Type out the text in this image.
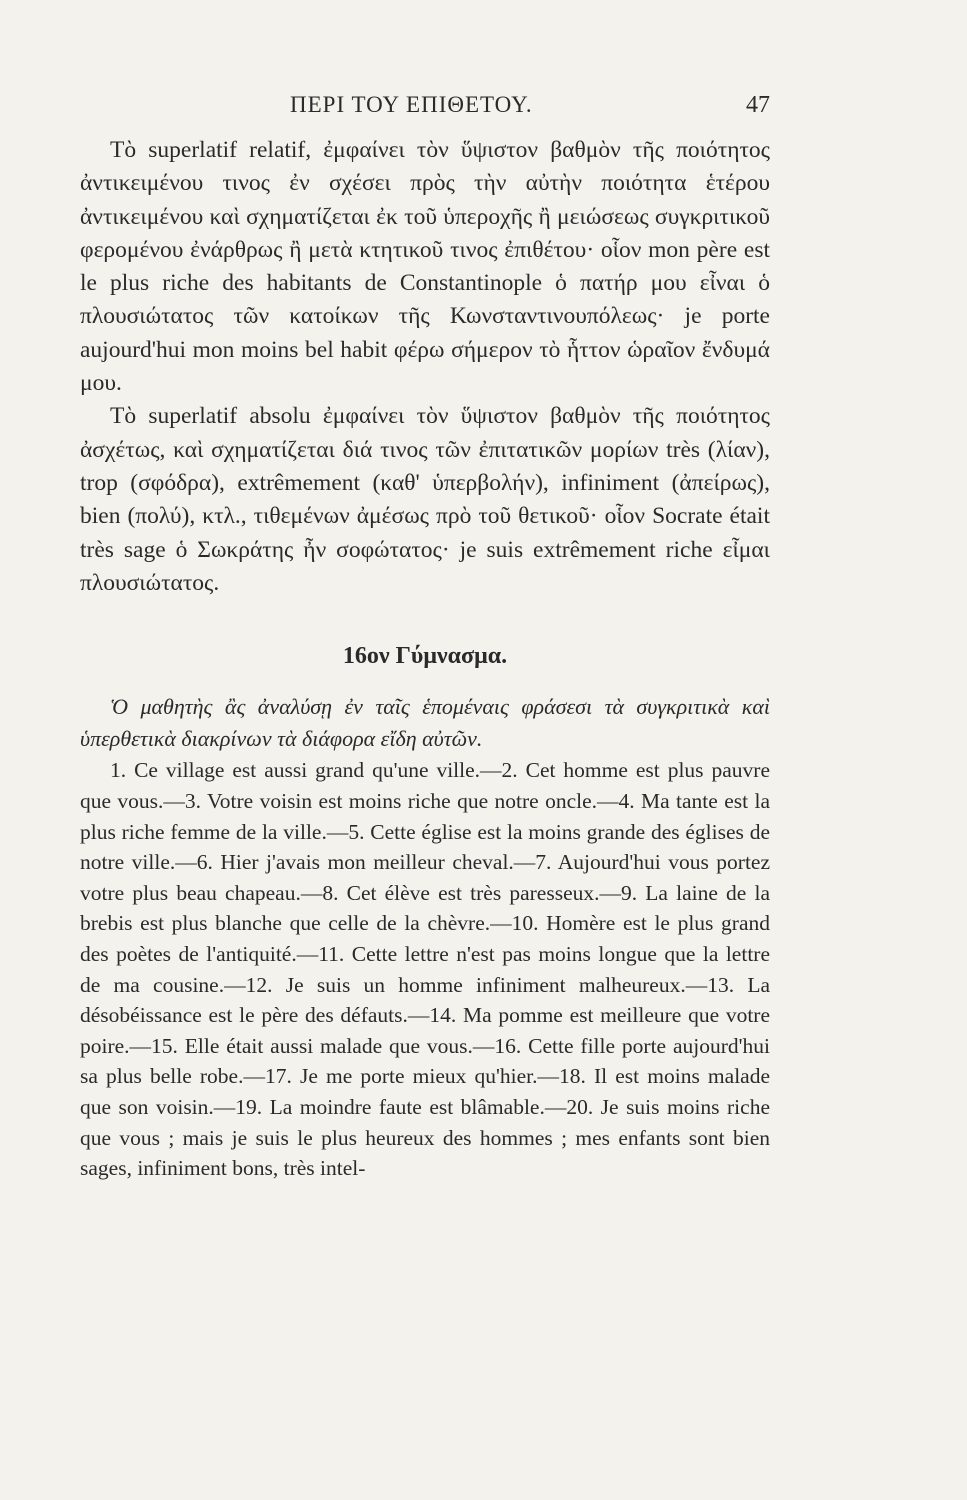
ΠΕΡΙ ΤΟΥ ΕΠΙΘΕΤΟΥ.	47

Τὸ superlatif relatif, ἐμφαίνει τὸν ὕψιστον βαθμὸν τῆς ποιότητος ἀντικειμένου τινος ἐν σχέσει πρὸς τὴν αὐτὴν ποιότητα ἑτέρου ἀντικειμένου καὶ σχηματίζεται ἐκ τοῦ ὑπεροχῆς ἢ μειώσεως συγκριτικοῦ φερομένου ἐνάρθρως ἢ μετὰ κτητικοῦ τινος ἐπιθέτου· οἷον mon père est le plus riche des habitants de Constantinople ὁ πατήρ μου εἶναι ὁ πλουσιώτατος τῶν κατοίκων τῆς Κωνσταντινουπόλεως· je porte aujourd'hui mon moins bel habit φέρω σήμερον τὸ ἧττον ὡραῖον ἔνδυμά μου.

Τὸ superlatif absolu ἐμφαίνει τὸν ὕψιστον βαθμὸν τῆς ποιότητος ἀσχέτως, καὶ σχηματίζεται διά τινος τῶν ἐπιτατικῶν μορίων très (λίαν), trop (σφόδρα), extrêmement (καθ' ὑπερβολήν), infiniment (ἀπείρως), bien (πολύ), κτλ., τιθεμένων ἀμέσως πρὸ τοῦ θετικοῦ· οἷον Socrate était très sage ὁ Σωκράτης ἦν σοφώτατος· je suis extrêmement riche εἶμαι πλουσιώτατος.

16ον Γύμνασμα.

Ὁ μαθητὴς ἂς ἀναλύσῃ ἐν ταῖς ἑπομέναις φράσεσι τὰ συγκριτικὰ καὶ ὑπερθετικὰ διακρίνων τὰ διάφορα εἴδη αὐτῶν.

1. Ce village est aussi grand qu'une ville.—2. Cet homme est plus pauvre que vous.—3. Votre voisin est moins riche que notre oncle.—4. Ma tante est la plus riche femme de la ville.—5. Cette église est la moins grande des églises de notre ville.—6. Hier j'avais mon meilleur cheval.—7. Aujourd'hui vous portez votre plus beau chapeau.—8. Cet élève est très paresseux.—9. La laine de la brebis est plus blanche que celle de la chèvre.—10. Homère est le plus grand des poètes de l'antiquité.—11. Cette lettre n'est pas moins longue que la lettre de ma cousine.—12. Je suis un homme infiniment malheureux.—13. La désobéissance est le père des défauts.—14. Ma pomme est meilleure que votre poire.—15. Elle était aussi malade que vous.—16. Cette fille porte aujourd'hui sa plus belle robe.—17. Je me porte mieux qu'hier.—18. Il est moins malade que son voisin.—19. La moindre faute est blâmable.—20. Je suis moins riche que vous ; mais je suis le plus heureux des hommes ; mes enfants sont bien sages, infiniment bons, très intel-
